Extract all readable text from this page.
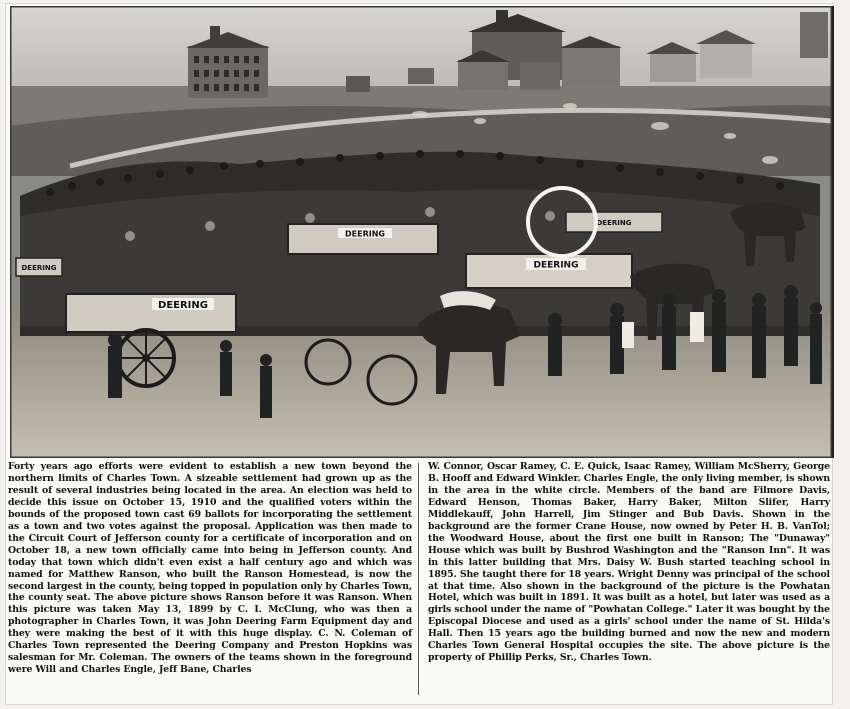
DEERING
DEERING
DEERING
DEERING
DEERING

Forty years ago efforts were evident to establish a new town beyond the northern limits of Charles Town. A sizeable settlement had grown up as the result of several industries being located in the area. An election was held to decide this issue on October 15, 1910 and the qualified voters within the bounds of the proposed town cast 69 ballots for incorporating the settlement as a town and two votes against the proposal. Application was then made to the Circuit Court of Jefferson county for a certificate of incorporation and on October 18, a new town officially came into being in Jefferson county. And today that town which didn't even exist a half century ago and which was named for Matthew Ranson, who built the Ranson Homestead, is now the second largest in the county, being topped in population only by Charles Town, the county seat. The above picture shows Ranson before it was Ranson. When this picture was taken May 13, 1899 by C. I. McClung, who was then a photographer in Charles Town, it was John Deering Farm Equipment day and they were making the best of it with this huge display. C. N. Coleman of Charles Town represented the Deering Company and Preston Hopkins was salesman for Mr. Coleman. The owners of the teams shown in the foreground were Will and Charles Engle, Jeff Bane, Charles

W. Connor, Oscar Ramey, C. E. Quick, Isaac Ramey, William McSherry, George B. Hooff and Edward Winkler. Charles Engle, the only living member, is shown in the area in the white circle. Members of the band are Filmore Davis, Edward Henson, Thomas Baker, Harry Baker, Milton Slifer, Harry Middlekauff, John Harrell, Jim Stinger and Bub Davis. Shown in the background are the former Crane House, now owned by Peter H. B. VanTol; the Woodward House, about the first one built in Ranson; The "Dunaway" House which was built by Bushrod Washington and the "Ranson Inn". It was in this latter building that Mrs. Daisy W. Bush started teaching school in 1895. She taught there for 18 years. Wright Denny was principal of the school at that time. Also shown in the background of the picture is the Powhatan Hotel, which was built in 1891. It was built as a hotel, but later was used as a girls school under the name of "Powhatan College." Later it was bought by the Episcopal Diocese and used as a girls' school under the name of St. Hilda's Hall. Then 15 years ago the building burned and now the new and modern Charles Town General Hospital occupies the site. The above picture is the property of Phillip Perks, Sr., Charles Town.
